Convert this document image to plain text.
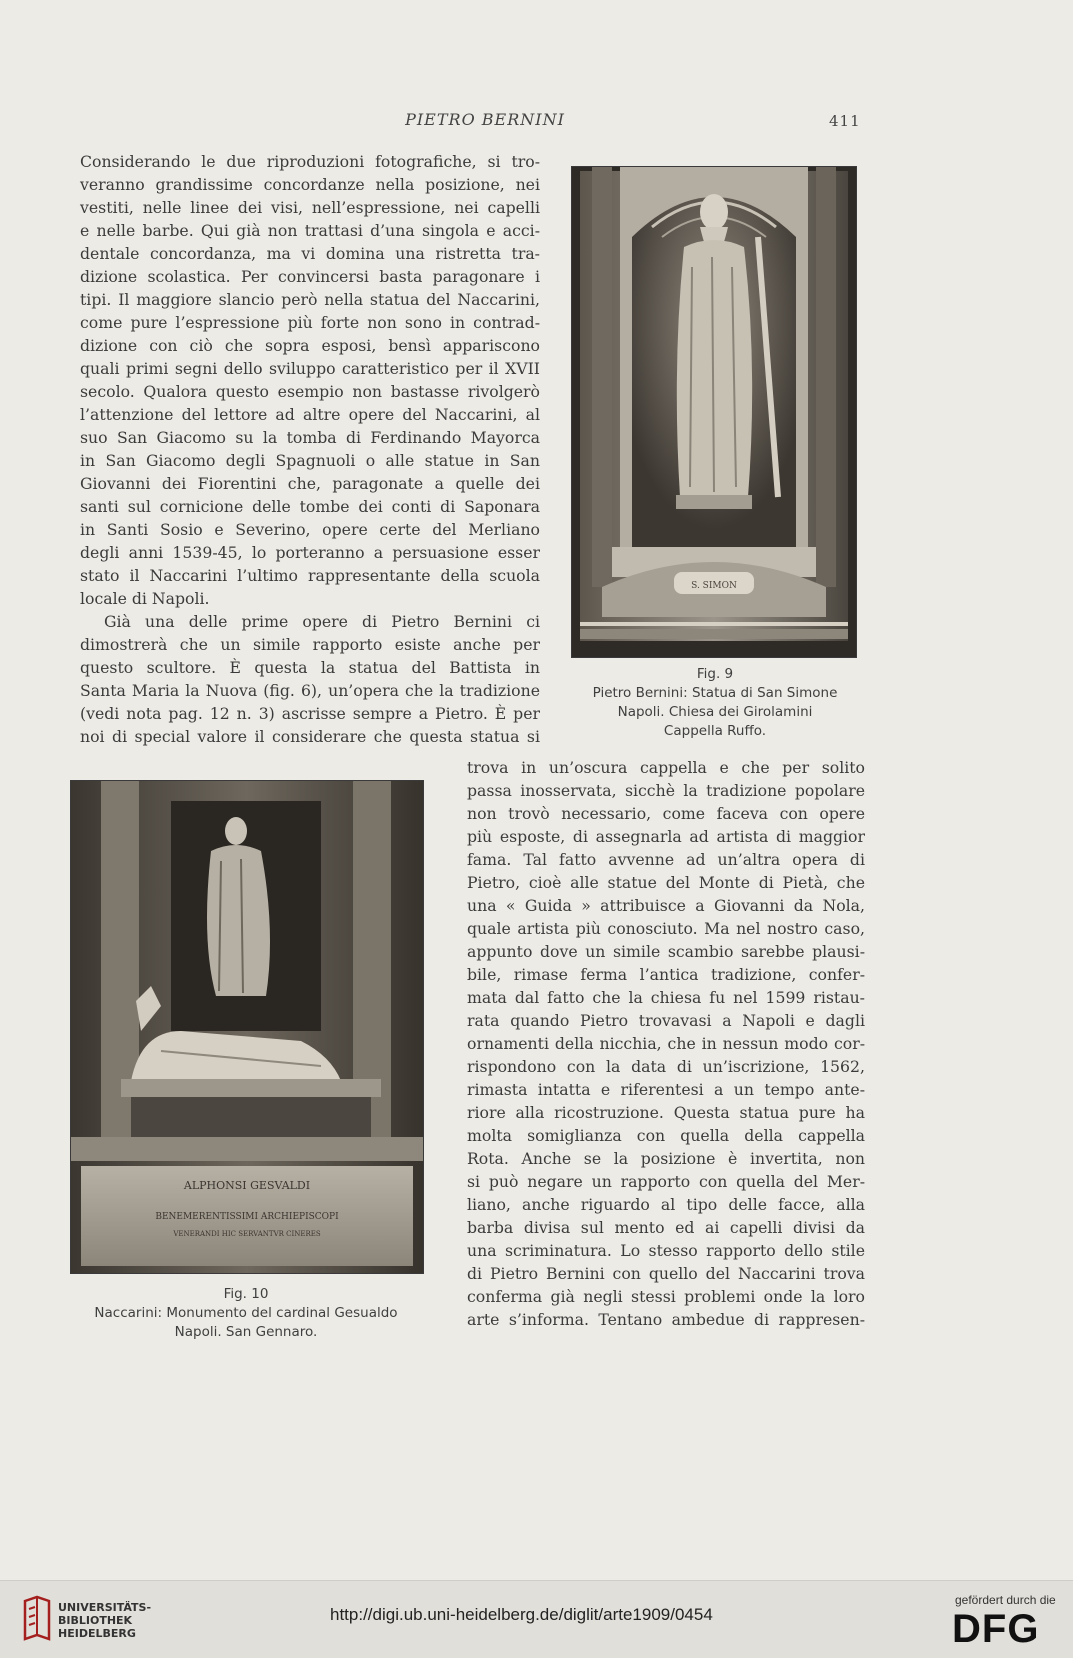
PIETRO BERNINI	411
Considerando le due riproduzioni fotografiche, si tro-
veranno grandissime concordanze nella posizione, nei
vestiti, nelle linee dei visi, nell’espressione, nei capelli
e nelle barbe. Qui già non trattasi d’una singola e acci-
dentale concordanza, ma vi domina una ristretta tra-
dizione scolastica. Per convincersi basta paragonare i
tipi. Il maggiore slancio però nella statua del Naccarini,
come pure l’espressione più forte non sono in contrad-
dizione con ciò che sopra esposi, bensì appariscono
quali primi segni dello sviluppo caratteristico per il XVII
secolo. Qualora questo esempio non bastasse rivolgerò
l’attenzione del lettore ad altre opere del Naccarini, al
suo San Giacomo su la tomba di Ferdinando Mayorca
in San Giacomo degli Spagnuoli o alle statue in San
Giovanni dei Fiorentini che, paragonate a quelle dei
santi sul cornicione delle tombe dei conti di Saponara
in Santi Sosio e Severino, opere certe del Merliano
degli anni 1539-45, lo porteranno a persuasione esser
stato il Naccarini l’ultimo rappresentante della scuola
locale di Napoli.
Già una delle prime opere di Pietro Bernini ci
dimostrerà che un simile rapporto esiste anche per
questo scultore. È questa la statua del Battista in
Santa Maria la Nuova (fig. 6), un’opera che la tradizione
(vedi nota pag. 12 n. 3) ascrisse sempre a Pietro. È per
noi di special valore il considerare che questa statua si
S. SIMON
Fig. 9
Pietro Bernini: Statua di San Simone
Napoli. Chiesa dei Girolamini
Cappella Ruffo.
trova in un’oscura cappella e che per solito
passa inosservata, sicchè la tradizione popolare
non trovò necessario, come faceva con opere
più esposte, di assegnarla ad artista di maggior
fama. Tal fatto avvenne ad un’altra opera di
Pietro, cioè alle statue del Monte di Pietà, che
una « Guida » attribuisce a Giovanni da Nola,
quale artista più conosciuto. Ma nel nostro caso,
appunto dove un simile scambio sarebbe plausi-
bile, rimase ferma l’antica tradizione, confer-
mata dal fatto che la chiesa fu nel 1599 ristau-
rata quando Pietro trovavasi a Napoli e dagli
ornamenti della nicchia, che in nessun modo cor-
rispondono con la data di un’iscrizione, 1562,
rimasta intatta e riferentesi a un tempo ante-
riore alla ricostruzione. Questa statua pure ha
molta somiglianza con quella della cappella
Rota. Anche se la posizione è invertita, non
si può negare un rapporto con quella del Mer-
liano, anche riguardo al tipo delle facce, alla
barba divisa sul mento ed ai capelli divisi da
una scriminatura. Lo stesso rapporto dello stile
di Pietro Bernini con quello del Naccarini trova
conferma già negli stessi problemi onde la loro
arte s’informa. Tentano ambedue di rappresen-
ALPHONSI GESVALDI
BENEMERENTISSIMI ARCHIEPISCOPI
VENERANDI HIC SERVANTVR CINERES
Fig. 10
Naccarini: Monumento del cardinal Gesualdo
Napoli. San Gennaro.
UNIVERSITÄTS-
BIBLIOTHEK
HEIDELBERG
http://digi.ub.uni-heidelberg.de/diglit/arte1909/0454
gefördert durch die
DFG
